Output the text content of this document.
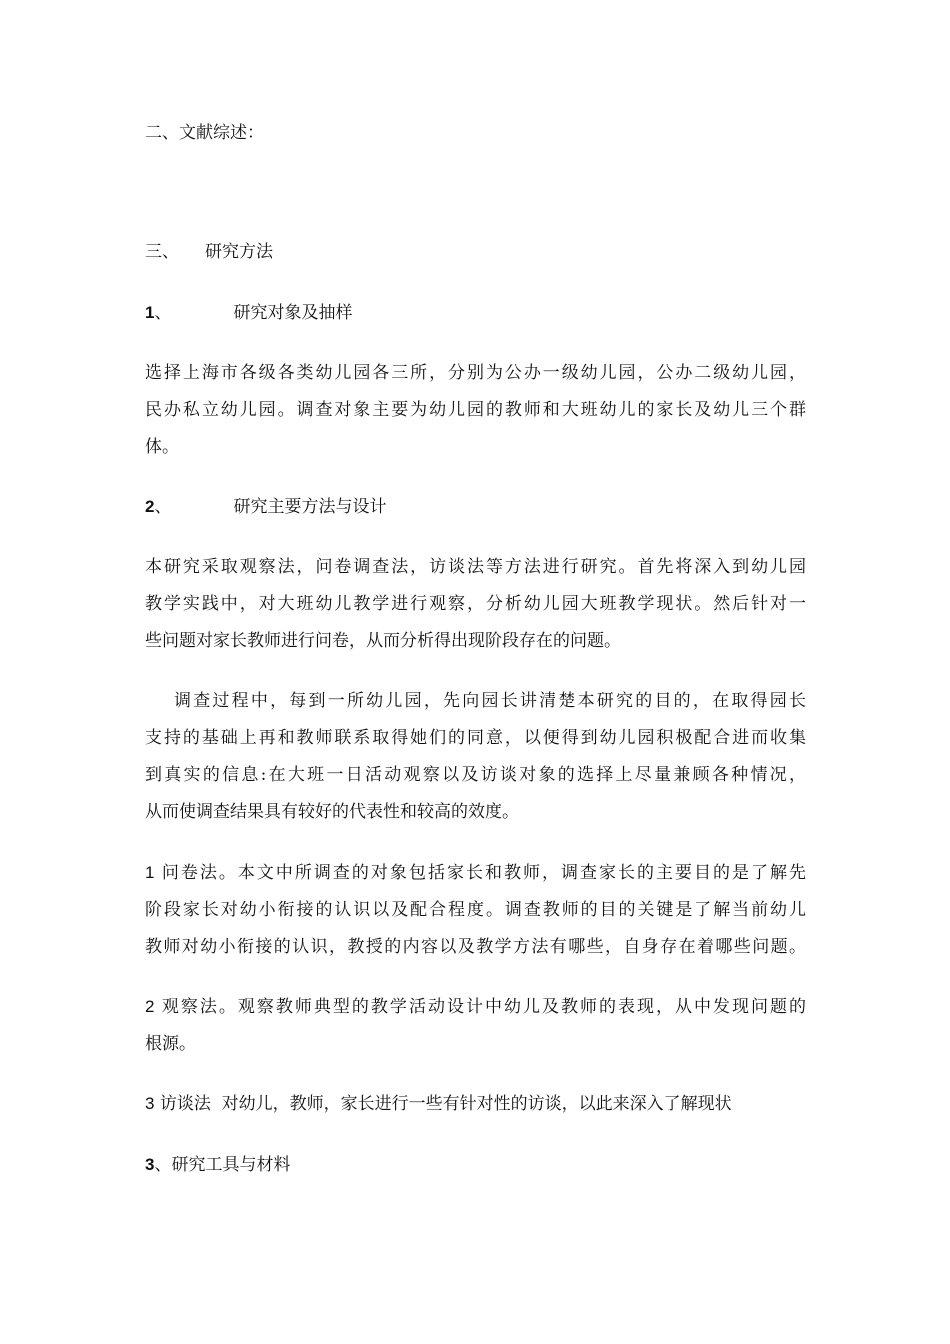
二、文献综述：
三、 研究方法
1、	研究对象及抽样
选择上海市各级各类幼儿园各三所，分别为公办一级幼儿园，公办二级幼儿园，
民办私立幼儿园。调查对象主要为幼儿园的教师和大班幼儿的家长及幼儿三个群
体。
2、	研究主要方法与设计
本研究采取观察法，问卷调查法，访谈法等方法进行研究。首先将深入到幼儿园
教学实践中，对大班幼儿教学进行观察，分析幼儿园大班教学现状。然后针对一
些问题对家长教师进行问卷，从而分析得出现阶段存在的问题。
调查过程中，每到一所幼儿园，先向园长讲清楚本研究的目的，在取得园长
支持的基础上再和教师联系取得她们的同意，以便得到幼儿园积极配合进而收集
到真实的信息:在大班一日活动观察以及访谈对象的选择上尽量兼顾各种情况，
从而使调查结果具有较好的代表性和较高的效度。
1 问卷法。本文中所调查的对象包括家长和教师，调查家长的主要目的是了解先
阶段家长对幼小衔接的认识以及配合程度。调查教师的目的关键是了解当前幼儿
教师对幼小衔接的认识，教授的内容以及教学方法有哪些，自身存在着哪些问题。
2 观察法。观察教师典型的教学活动设计中幼儿及教师的表现，从中发现问题的
根源。
3 访谈法  对幼儿，教师，家长进行一些有针对性的访谈，以此来深入了解现状
3、研究工具与材料
